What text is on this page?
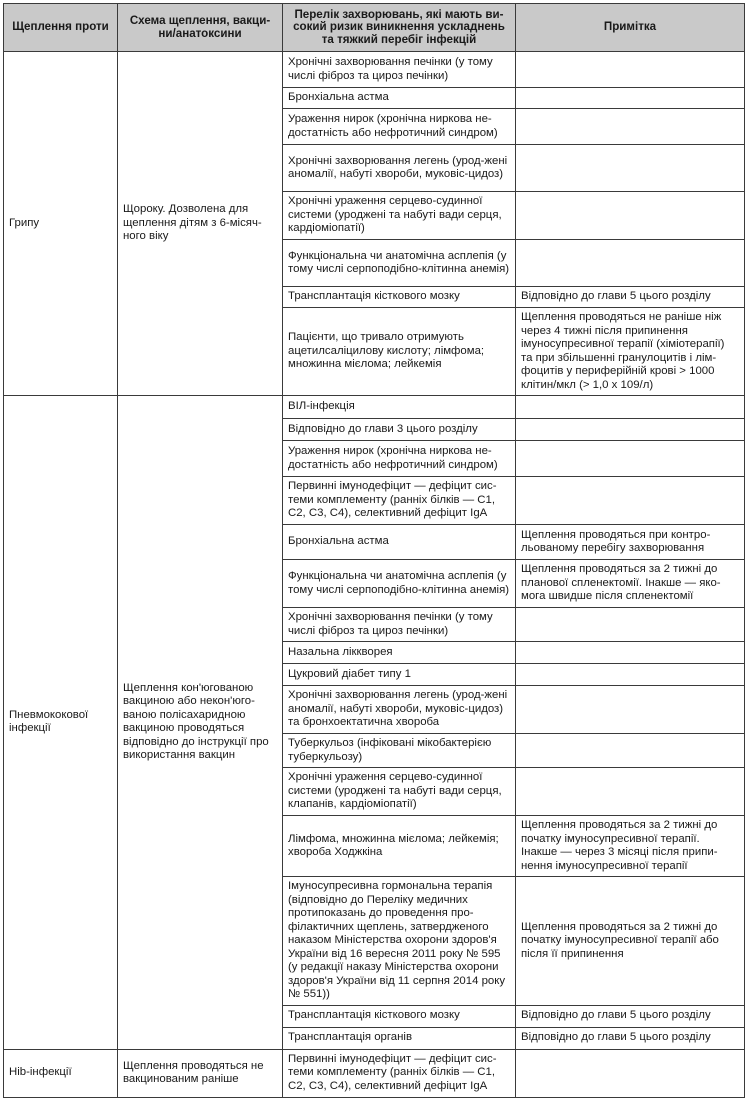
Щеплення проти	Схема щеплення, вакци-ни/анатоксини	Перелік захворювань, які мають ви-сокий ризик виникнення ускладнень та тяжкий перебіг інфекцій	Примітка
Грипу	Щороку. Дозволена для щеплення дітям з 6-місяч-ного віку	Хронічні захворювання печінки (у тому числі фіброз та цироз печінки)	
		Бронхіальна астма	
		Ураження нирок (хронічна ниркова не-достатність або нефротичний синдром)	
		Хронічні захворювання легень (урод-жені аномалії, набуті хвороби, муковіс-цидоз)	
		Хронічні ураження серцево-судинної системи (уроджені та набуті вади серця, кардіоміопатії)	
		Функціональна чи анатомічна асплепія (у тому числі серпоподібно-клітинна анемія)	
		Трансплантація кісткового мозку	Відповідно до глави 5 цього розділу
		Пацієнти, що тривало отримують ацетилсаліцилову кислоту; лімфома; множинна мієлома; лейкемія	Щеплення проводяться не раніше ніж через 4 тижні після припинення імуносупресивної терапії (хіміотерапії) та при збільшенні гранулоцитів і лім-фоцитів у периферійній крові > 1000 клітин/мкл (> 1,0 х 109/л)
Пневмококової інфекції	Щеплення кон'югованою вакциною або некон'юго-ваною полісахаридною вакциною проводяться відповідно до інструкції про використання вакцин	ВІЛ-інфекція	
		Відповідно до глави 3 цього розділу	
		Ураження нирок (хронічна ниркова не-достатність або нефротичний синдром)	
		Первинні імунодефіцит — дефіцит сис-теми комплементу (ранніх білків — С1, С2, С3, С4), селективний дефіцит IgA	
		Бронхіальна астма	Щеплення проводяться при контро-льованому перебігу захворювання
		Функціональна чи анатомічна асплепія (у тому числі серпоподібно-клітинна анемія)	Щеплення проводяться за 2 тижні до планової спленектомії. Інакше — яко-мога швидше після спленектомії
		Хронічні захворювання печінки (у тому числі фіброз та цироз печінки)	
		Назальна ліккворея	
		Цукровий діабет типу 1	
		Хронічні захворювання легень (урод-жені аномалії, набуті хвороби, муковіс-цидоз) та бронхоектатична хвороба	
		Туберкульоз (інфіковані мікобактерією туберкульозу)	
		Хронічні ураження серцево-судинної системи (уроджені та набуті вади серця, клапанів, кардіоміопатії)	
		Лімфома, множинна мієлома; лейкемія; хвороба Ходжкіна	Щеплення проводяться за 2 тижні до початку імуносупресивної терапії. Інакше — через 3 місяці після припи-нення імуносупресивної терапії
		Імуносупресивна гормональна терапія (відповідно до Переліку медичних протипоказань до проведення про-філактичних щеплень, затвердженого наказом Міністерства охорони здоров'я України від 16 вересня 2011 року № 595 (у редакції наказу Міністерства охорони здоров'я України від 11 серпня 2014 року № 551))	Щеплення проводяться за 2 тижні до початку імуносупресивної терапії або після її припинення
		Трансплантація кісткового мозку	Відповідно до глави 5 цього розділу
		Трансплантація органів	Відповідно до глави 5 цього розділу
Hib-інфекції	Щеплення проводяться не вакцинованим раніше	Первинні імунодефіцит — дефіцит сис-теми комплементу (ранніх білків — С1, С2, С3, С4), селективний дефіцит IgA	
